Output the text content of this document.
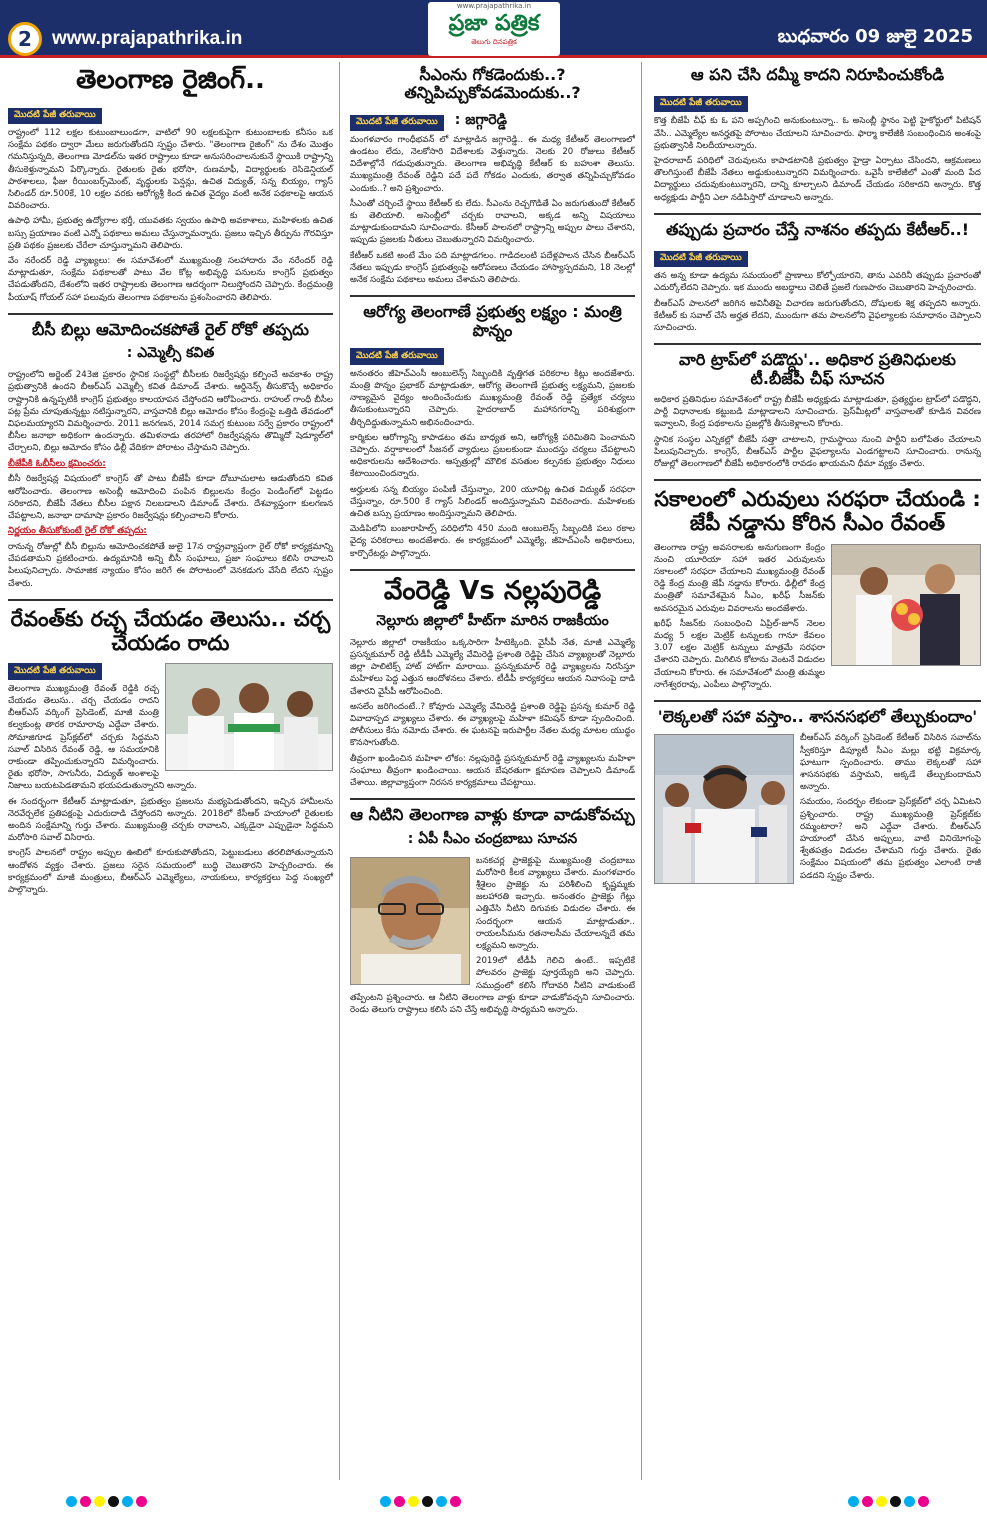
2	www.prajapathrika.in
www.prajapathrika.in
ప్రజా పత్రిక
తెలుగు దినపత్రిక	బుధవారం 09 జులై 2025
తెలంగాణ రైజింగ్..
మొదటి పేజీ తరువాయి

రాష్ట్రంలో 112 లక్షల కుటుంబాలుండగా, వాటిలో 90 లక్షలకుపైగా కుటుంబాలకు కనీసం ఒక సంక్షేమ పథకం ద్వారా మేలు జరుగుతోందని స్పష్టం చేశారు. "తెలంగాణ రైజింగ్" ను దేశం మొత్తం గమనిస్తున్నది, తెలంగాణ మోడల్‌ను ఇతర రాష్ట్రాలు కూడా అనుసరించాలనుకునే స్థాయికి రాష్ట్రాన్ని తీసుకెళ్తున్నామని పేర్కొన్నారు. రైతులకు రైతు భరోసా, రుణమాఫీ, విద్యార్థులకు రెసిడెన్షియల్ పాఠశాలలు, ఫీజు రీయింబర్స్‌మెంట్, వృద్ధులకు పెన్షన్లు, ఉచిత విద్యుత్, సన్న బియ్యం, గ్యాస్ సిలిండర్ రూ.500కే, 10 లక్షల వరకు ఆరోగ్యశ్రీ కింద ఉచిత వైద్యం వంటి అనేక పథకాలపై ఆయన వివరించారు.

ఉపాధి హామీ, ప్రభుత్వ ఉద్యోగాల భర్తీ, యువతకు స్వయం ఉపాధి అవకాశాలు, మహిళలకు ఉచిత బస్సు ప్రయాణం వంటి ఎన్నో పథకాలు అమలు చేస్తున్నామన్నారు. ప్రజలు ఇచ్చిన తీర్పును గౌరవిస్తూ ప్రతి పథకం ప్రజలకు చేరేలా చూస్తున్నామని తెలిపారు.

వేం నరేందర్ రెడ్డి వ్యాఖ్యలు: ఈ సమావేశంలో ముఖ్యమంత్రి సలహాదారు వేం నరేందర్ రెడ్డి మాట్లాడుతూ, సంక్షేమ పథకాలతో పాటు వేల కోట్ల అభివృద్ధి పనులను కాంగ్రెస్ ప్రభుత్వం చేపడుతోందని, దేశంలోని ఇతర రాష్ట్రాలకు తెలంగాణ ఆదర్శంగా నిలుస్తోందని చెప్పారు. కేంద్రమంత్రి పీయూష్ గోయల్ సహా పలువురు తెలంగాణ పథకాలను ప్రశంసించారని తెలిపారు.

బీసీ బిల్లు ఆమోదించకపోతే రైల్ రోకో తప్పదు
: ఎమ్మెల్సీ కవిత

రాష్ట్రంలోని అర్జెంట్ 243జి ప్రకారం స్థానిక సంస్థల్లో బీసీలకు రిజర్వేషన్లు కల్పించే అవకాశం రాష్ట్ర ప్రభుత్వానికి ఉందని బీఆర్ఎస్ ఎమ్మెల్సీ కవిత డిమాండ్ చేశారు. ఆర్డినెన్స్ తీసుకొచ్చే అధికారం రాష్ట్రానికి ఉన్నప్పటికీ కాంగ్రెస్ ప్రభుత్వం కాలయాపన చేస్తోందని ఆరోపించారు. రాహుల్ గాంధీ బీసీల పట్ల ప్రేమ చూపుతున్నట్టు నటిస్తున్నారని, వాస్తవానికి బిల్లు ఆమోదం కోసం కేంద్రంపై ఒత్తిడి తేవడంలో విఫలమయ్యారని విమర్శించారు. 2011 జనగణన, 2014 సమగ్ర కుటుంబ సర్వే ప్రకారం రాష్ట్రంలో బీసీల జనాభా అధికంగా ఉందన్నారు. తమిళనాడు తరహాలో రిజర్వేషన్లను తొమ్మిదో షెడ్యూల్‌లో చేర్చాలని, బిల్లు ఆమోదం కోసం ఢిల్లీ వేదికగా పోరాటం చేస్తామని చెప్పారు.

బీజేపీకి ఓబీసీలు క్షమించరు:

బీసీ రిజర్వేషన్ల విషయంలో కాంగ్రెస్ తో పాటు బీజేపీ కూడా దోబూచులాట ఆడుతోందని కవిత ఆరోపించారు. తెలంగాణ అసెంబ్లీ ఆమోదించి పంపిన బిల్లులను కేంద్రం పెండింగ్‌లో పెట్టడం సరికాదని, బీజేపీ నేతలు బీసీల పక్షాన నిలబడాలని డిమాండ్ చేశారు. దేశవ్యాప్తంగా కులగణన చేపట్టాలని, జనాభా దామాషా ప్రకారం రిజర్వేషన్లు కల్పించాలని కోరారు.

నిర్ణయం తీసుకోకుంటే రైల్ రోకో తప్పదు:

రానున్న రోజుల్లో బీసీ బిల్లును ఆమోదించకపోతే జులై 17న రాష్ట్రవ్యాప్తంగా రైల్ రోకో కార్యక్రమాన్ని చేపడతామని ప్రకటించారు. ఉద్యమానికి అన్ని బీసీ సంఘాలు, ప్రజా సంఘాలు కలిసి రావాలని పిలుపునిచ్చారు. సామాజిక న్యాయం కోసం జరిగే ఈ పోరాటంలో వెనకడుగు వేసేది లేదని స్పష్టం చేశారు.

రేవంత్‌కు రచ్చ చేయడం తెలుసు.. చర్చ చేయడం రాదు
మొదటి పేజీ తరువాయి

తెలంగాణ ముఖ్యమంత్రి రేవంత్ రెడ్డికి రచ్చ చేయడం తెలుసు.. చర్చ చేయడం రాదని బీఆర్ఎస్ వర్కింగ్ ప్రెసిడెంట్, మాజీ మంత్రి కల్వకుంట్ల తారక రామారావు ఎద్దేవా చేశారు. సోమాజిగూడ ప్రెస్‌క్లబ్‌లో చర్చకు సిద్ధమని సవాల్ విసిరిన రేవంత్ రెడ్డి, ఆ సమయానికి రాకుండా తప్పించుకున్నారని విమర్శించారు. రైతు భరోసా, సాగునీరు, విద్యుత్ అంశాలపై నిజాలు బయటపెడతామని భయపడుతున్నారని అన్నారు.

ఈ సందర్భంగా కేటీఆర్ మాట్లాడుతూ, ప్రభుత్వం ప్రజలను మభ్యపెడుతోందని, ఇచ్చిన హామీలను నెరవేర్చలేక ప్రతిపక్షంపై ఎదురుదాడి చేస్తోందని అన్నారు. 2018లో కేసీఆర్ హయాంలో రైతులకు అందిన సంక్షేమాన్ని గుర్తు చేశారు. ముఖ్యమంత్రి చర్చకు రావాలని, ఎక్కడైనా ఎప్పుడైనా సిద్ధమని మరోసారి సవాల్ విసిరారు.

కాంగ్రెస్ పాలనలో రాష్ట్రం అప్పుల ఊబిలో కూరుకుపోతోందని, పెట్టుబడులు తరలిపోతున్నాయని ఆందోళన వ్యక్తం చేశారు. ప్రజలు సరైన సమయంలో బుద్ధి చెబుతారని హెచ్చరించారు. ఈ కార్యక్రమంలో మాజీ మంత్రులు, బీఆర్ఎస్ ఎమ్మెల్యేలు, నాయకులు, కార్యకర్తలు పెద్ద సంఖ్యలో పాల్గొన్నారు.

సీఎంను గోకడెందుకు..? తన్నిపిచ్చుకోవడమెందుకు..?
మొదటి పేజీ తరువాయి : జగ్గారెడ్డి

మంగళవారం గాంధీభవన్ లో మాట్లాడిన జగ్గారెడ్డి.. ఈ మధ్య కేటీఆర్ తెలంగాణలో ఉండటం లేదు, నెలకోసారి విదేశాలకు వెళ్తున్నారు. నెలకు 20 రోజులు కేటీఆర్ విదేశాల్లోనే గడుపుతున్నారు. తెలంగాణ అభివృద్ధి కేటీఆర్ కు బహుశా తెలుసు. ముఖ్యమంత్రి రేవంత్ రెడ్డిని పదే పదే గోకడం ఎందుకు, తర్వాత తన్నిపిచ్చుకోవడం ఎందుకు..? అని ప్రశ్నించారు.

సీఎంతో చర్చించే స్థాయి కేటీఆర్ కు లేదు. సీఎంను రెచ్చగొడితే ఏం జరుగుతుందో కేటీఆర్ కు తెలియాలి. అసెంబ్లీలో చర్చకు రావాలని, అక్కడ అన్ని విషయాలు మాట్లాడుకుందామని సూచించారు. కేసీఆర్ పాలనలో రాష్ట్రాన్ని అప్పుల పాలు చేశారని, ఇప్పుడు ప్రజలకు నీతులు చెబుతున్నారని విమర్శించారు.

కేటీఆర్ ఒకటి అంటే మేం పది మాట్లాడగలం. గాడిదలంటి పదేళ్లపాలన చేసిన బీఆర్ఎస్ నేతలు ఇప్పుడు కాంగ్రెస్ ప్రభుత్వంపై ఆరోపణలు చేయడం హాస్యాస్పదమని, 18 నెలల్లో అనేక సంక్షేమ పథకాలు అమలు చేశామని తెలిపారు.

ఆరోగ్య తెలంగాణే ప్రభుత్వ లక్ష్యం : మంత్రి పొన్నం
మొదటి పేజీ తరువాయి

అనంతరం జీహెచ్ఎంసీ ఆంబులెన్స్ సిబ్బందికి వృత్తిగత పరికరాల కిట్లు అందజేశారు. మంత్రి పొన్నం ప్రభాకర్ మాట్లాడుతూ, ఆరోగ్య తెలంగాణే ప్రభుత్వ లక్ష్యమని, ప్రజలకు నాణ్యమైన వైద్యం అందించేందుకు ముఖ్యమంత్రి రేవంత్ రెడ్డి ప్రత్యేక చర్యలు తీసుకుంటున్నారని చెప్పారు. హైదరాబాద్ మహానగరాన్ని పరిశుభ్రంగా తీర్చిదిద్దుతున్నామని అభినందించారు.

కార్మికుల ఆరోగ్యాన్ని కాపాడటం తమ బాధ్యత అని, ఆరోగ్యశ్రీ పరిమితిని పెంచామని చెప్పారు. వర్షాకాలంలో సీజనల్ వ్యాధులు ప్రబలకుండా ముందస్తు చర్యలు చేపట్టాలని అధికారులను ఆదేశించారు. ఆస్పత్రుల్లో మౌలిక వసతుల కల్పనకు ప్రభుత్వం నిధులు కేటాయించిందన్నారు.

అర్హులకు సన్న బియ్యం పంపిణీ చేస్తున్నాం, 200 యూనిట్ల ఉచిత విద్యుత్ సరఫరా చేస్తున్నాం, రూ.500 కే గ్యాస్ సిలిండర్ అందిస్తున్నామని వివరించారు. మహిళలకు ఉచిత బస్సు ప్రయాణం అందిస్తున్నామని తెలిపారు.

మెడిపిలోని బంజారాహిల్స్ పరిధిలోని 450 మంది ఆంబులెన్స్ సిబ్బందికి పలు రకాల వైద్య పరికరాలు అందజేశారు. ఈ కార్యక్రమంలో ఎమ్మెల్యే, జీహెచ్ఎంసీ అధికారులు, కార్పొరేటర్లు పాల్గొన్నారు.

వేంరెడ్డి Vs నల్లపురెడ్డి
నెల్లూరు జిల్లాలో హీట్‌గా మారిన రాజకీయం

నెల్లూరు జిల్లాలో రాజకీయం ఒక్కసారిగా హీటెక్కింది. వైసీపీ నేత, మాజీ ఎమ్మెల్యే ప్రసన్నకుమార్ రెడ్డి టీడీపీ ఎమ్మెల్యే వేమిరెడ్డి ప్రశాంతి రెడ్డిపై చేసిన వ్యాఖ్యలతో నెల్లూరు జిల్లా పాలిటిక్స్ హాట్ హాట్‌గా మారాయి. ప్రసన్నకుమార్ రెడ్డి వ్యాఖ్యలను నిరసిస్తూ మహిళలు పెద్ద ఎత్తున ఆందోళనలు చేశారు. టీడీపీ కార్యకర్తలు ఆయన నివాసంపై దాడి చేశారని వైసీపీ ఆరోపించింది.

అసలేం జరిగిందంటే..? కోవూరు ఎమ్మెల్యే వేమిరెడ్డి ప్రశాంతి రెడ్డిపై ప్రసన్న కుమార్ రెడ్డి వివాదాస్పద వ్యాఖ్యలు చేశారు. ఈ వ్యాఖ్యలపై మహిళా కమిషన్ కూడా స్పందించింది. పోలీసులు కేసు నమోదు చేశారు. ఈ ఘటనపై ఇరుపార్టీల నేతల మధ్య మాటల యుద్ధం కొనసాగుతోంది.

తీవ్రంగా ఖండించిన మహిళా లోకం: నల్లపురెడ్డి ప్రసన్నకుమార్ రెడ్డి వ్యాఖ్యలను మహిళా సంఘాలు తీవ్రంగా ఖండించాయి. ఆయన బేషరతుగా క్షమాపణ చెప్పాలని డిమాండ్ చేశాయి. జిల్లావ్యాప్తంగా నిరసన కార్యక్రమాలు చేపట్టాయి.

ఆ నీటిని తెలంగాణ వాళ్లు కూడా వాడుకోవచ్చు
: ఏపీ సీఎం చంద్రబాబు సూచన

బనకచర్ల ప్రాజెక్టుపై ముఖ్యమంత్రి చంద్రబాబు మరోసారి కీలక వ్యాఖ్యలు చేశారు. మంగళవారం శ్రీశైలం ప్రాజెక్టు ను పరిశీలించి కృష్ణమ్మకు జలహారతి ఇచ్చారు. అనంతరం ప్రాజెక్టు గేట్లు ఎత్తివేసి నీటిని దిగువకు విడుదల చేశారు. ఈ సందర్భంగా ఆయన మాట్లాడుతూ.. రాయలసీమను రతనాలసీమ చేయాలన్నదే తమ లక్ష్యమని అన్నారు.

2019లో టీడీపీ గెలిచి ఉంటే.. ఇప్పటికే పోలవరం ప్రాజెక్టు పూర్తయ్యేది అని చెప్పారు. సముద్రంలో కలిసే గోదావరి నీటిని వాడుకుంటే తప్పేంటని ప్రశ్నించారు. ఆ నీటిని తెలంగాణ వాళ్లు కూడా వాడుకోవచ్చని సూచించారు. రెండు తెలుగు రాష్ట్రాలు కలిసి పని చేస్తే అభివృద్ధి సాధ్యమని అన్నారు.

ఆ పని చేసి దమ్మీ కాదని నిరూపించుకోండి
మొదటి పేజీ తరువాయి

కొత్త బీజేపీ చీఫ్ కు ఓ పని అప్పగించి అనుకుంటున్నా.. ఓ అసెంబ్లీ స్థానం పెట్టి హైకోర్టులో పిటిషన్ వేసి.. ఎమ్మెల్యేల అనర్హతపై పోరాటం చేయాలని సూచించారు. ఫార్మా కాలేజీకి సంబంధించిన అంశంపై ప్రభుత్వానికి నిలదీయాలన్నారు.

హైదరాబాద్ పరిధిలో చెరువులను కాపాడటానికి ప్రభుత్వం హైడ్రా ఏర్పాటు చేసిందని, ఆక్రమణలు తొలగిస్తుంటే బీజేపీ నేతలు అడ్డుకుంటున్నారని విమర్శించారు. ఒవైసీ కాలేజీలో ఎంతో మంది పేద విద్యార్థులు చదువుకుంటున్నారని, దాన్ని కూల్చాలని డిమాండ్ చేయడం సరికాదని అన్నారు. కొత్త అధ్యక్షుడు పార్టీని ఎలా నడిపిస్తారో చూడాలని అన్నారు.

తప్పుడు ప్రచారం చేస్తే నాశనం తప్పదు కేటీఆర్..!
మొదటి పేజీ తరువాయి

తన అన్న కూడా ఉద్యమ సమయంలో ప్రాణాలు కోల్పోయారని, తాను ఎవరినీ తప్పుడు ప్రచారంతో ఎదుర్కోలేదని చెప్పారు. ఇక ముందు అబద్ధాలు చెబితే ప్రజలే గుణపాఠం చెబుతారని హెచ్చరించారు.

బీఆర్ఎస్ పాలనలో జరిగిన అవినీతిపై విచారణ జరుగుతోందని, దోషులకు శిక్ష తప్పదని అన్నారు. కేటీఆర్ కు సవాల్ చేసే అర్హత లేదని, ముందుగా తమ పాలనలోని వైఫల్యాలకు సమాధానం చెప్పాలని సూచించారు.

వారి ట్రాప్‌లో పడొద్దు'.. అధికార ప్రతినిధులకు టీ.బీజేపీ చీఫ్ సూచన

అధికార ప్రతినిధుల సమావేశంలో రాష్ట్ర బీజేపీ అధ్యక్షుడు మాట్లాడుతూ, ప్రత్యర్థుల ట్రాప్‌లో పడొద్దని, పార్టీ విధానాలకు కట్టుబడి మాట్లాడాలని సూచించారు. ప్రెస్‌మీట్లలో వాస్తవాలతో కూడిన వివరణ ఇవ్వాలని, కేంద్ర పథకాలను ప్రజల్లోకి తీసుకెళ్లాలని కోరారు.

స్థానిక సంస్థల ఎన్నికల్లో బీజేపీ సత్తా చాటాలని, గ్రామస్థాయి నుంచి పార్టీని బలోపేతం చేయాలని పిలుపునిచ్చారు. కాంగ్రెస్, బీఆర్ఎస్ పార్టీల వైఫల్యాలను ఎండగట్టాలని సూచించారు. రానున్న రోజుల్లో తెలంగాణలో బీజేపీ అధికారంలోకి రావడం ఖాయమని ధీమా వ్యక్తం చేశారు.

సకాలంలో ఎరువులు సరఫరా చేయండి : జేపీ నడ్డాను కోరిన సీఎం రేవంత్

తెలంగాణ రాష్ట్ర అవసరాలకు అనుగుణంగా కేంద్రం నుంచి యూరియా సహా ఇతర ఎరువులను సకాలంలో సరఫరా చేయాలని ముఖ్యమంత్రి రేవంత్ రెడ్డి కేంద్ర మంత్రి జేపీ నడ్డాను కోరారు. ఢిల్లీలో కేంద్ర మంత్రితో సమావేశమైన సీఎం, ఖరీఫ్ సీజన్‌కు అవసరమైన ఎరువుల వివరాలను అందజేశారు.

ఖరీఫ్ సీజన్‌కు సంబంధించి ఏప్రిల్-జూన్ నెలల మధ్య 5 లక్షల మెట్రిక్ టన్నులకు గానూ కేవలం 3.07 లక్షల మెట్రిక్ టన్నులు మాత్రమే సరఫరా చేశారని చెప్పారు. మిగిలిన కోటాను వెంటనే విడుదల చేయాలని కోరారు. ఈ సమావేశంలో మంత్రి తుమ్మల నాగేశ్వరరావు, ఎంపీలు పాల్గొన్నారు.

'లెక్కలతో సహా వస్తాం.. శాసనసభలో తేల్చుకుందాం'

బీఆర్ఎస్ వర్కింగ్ ప్రెసిడెంట్ కేటీఆర్ విసిరిన సవాల్‌ను స్వీకరిస్తూ డిప్యూటీ సీఎం మల్లు భట్టి విక్రమార్క ఘాటుగా స్పందించారు. తాము లెక్కలతో సహా శాసనసభకు వస్తామని, అక్కడే తేల్చుకుందామని అన్నారు.

సమయం, సందర్భం లేకుండా ప్రెస్‌క్లబ్‌లో చర్చ ఏమిటని ప్రశ్నించారు. రాష్ట్ర ముఖ్యమంత్రి ప్రెస్‌క్లబ్‌కు రమ్మంటారా? అని ఎద్దేవా చేశారు. బీఆర్ఎస్ హయాంలో చేసిన అప్పులు, వాటి వినియోగంపై శ్వేతపత్రం విడుదల చేశామని గుర్తు చేశారు. రైతు సంక్షేమం విషయంలో తమ ప్రభుత్వం ఎలాంటి రాజీ పడదని స్పష్టం చేశారు.
